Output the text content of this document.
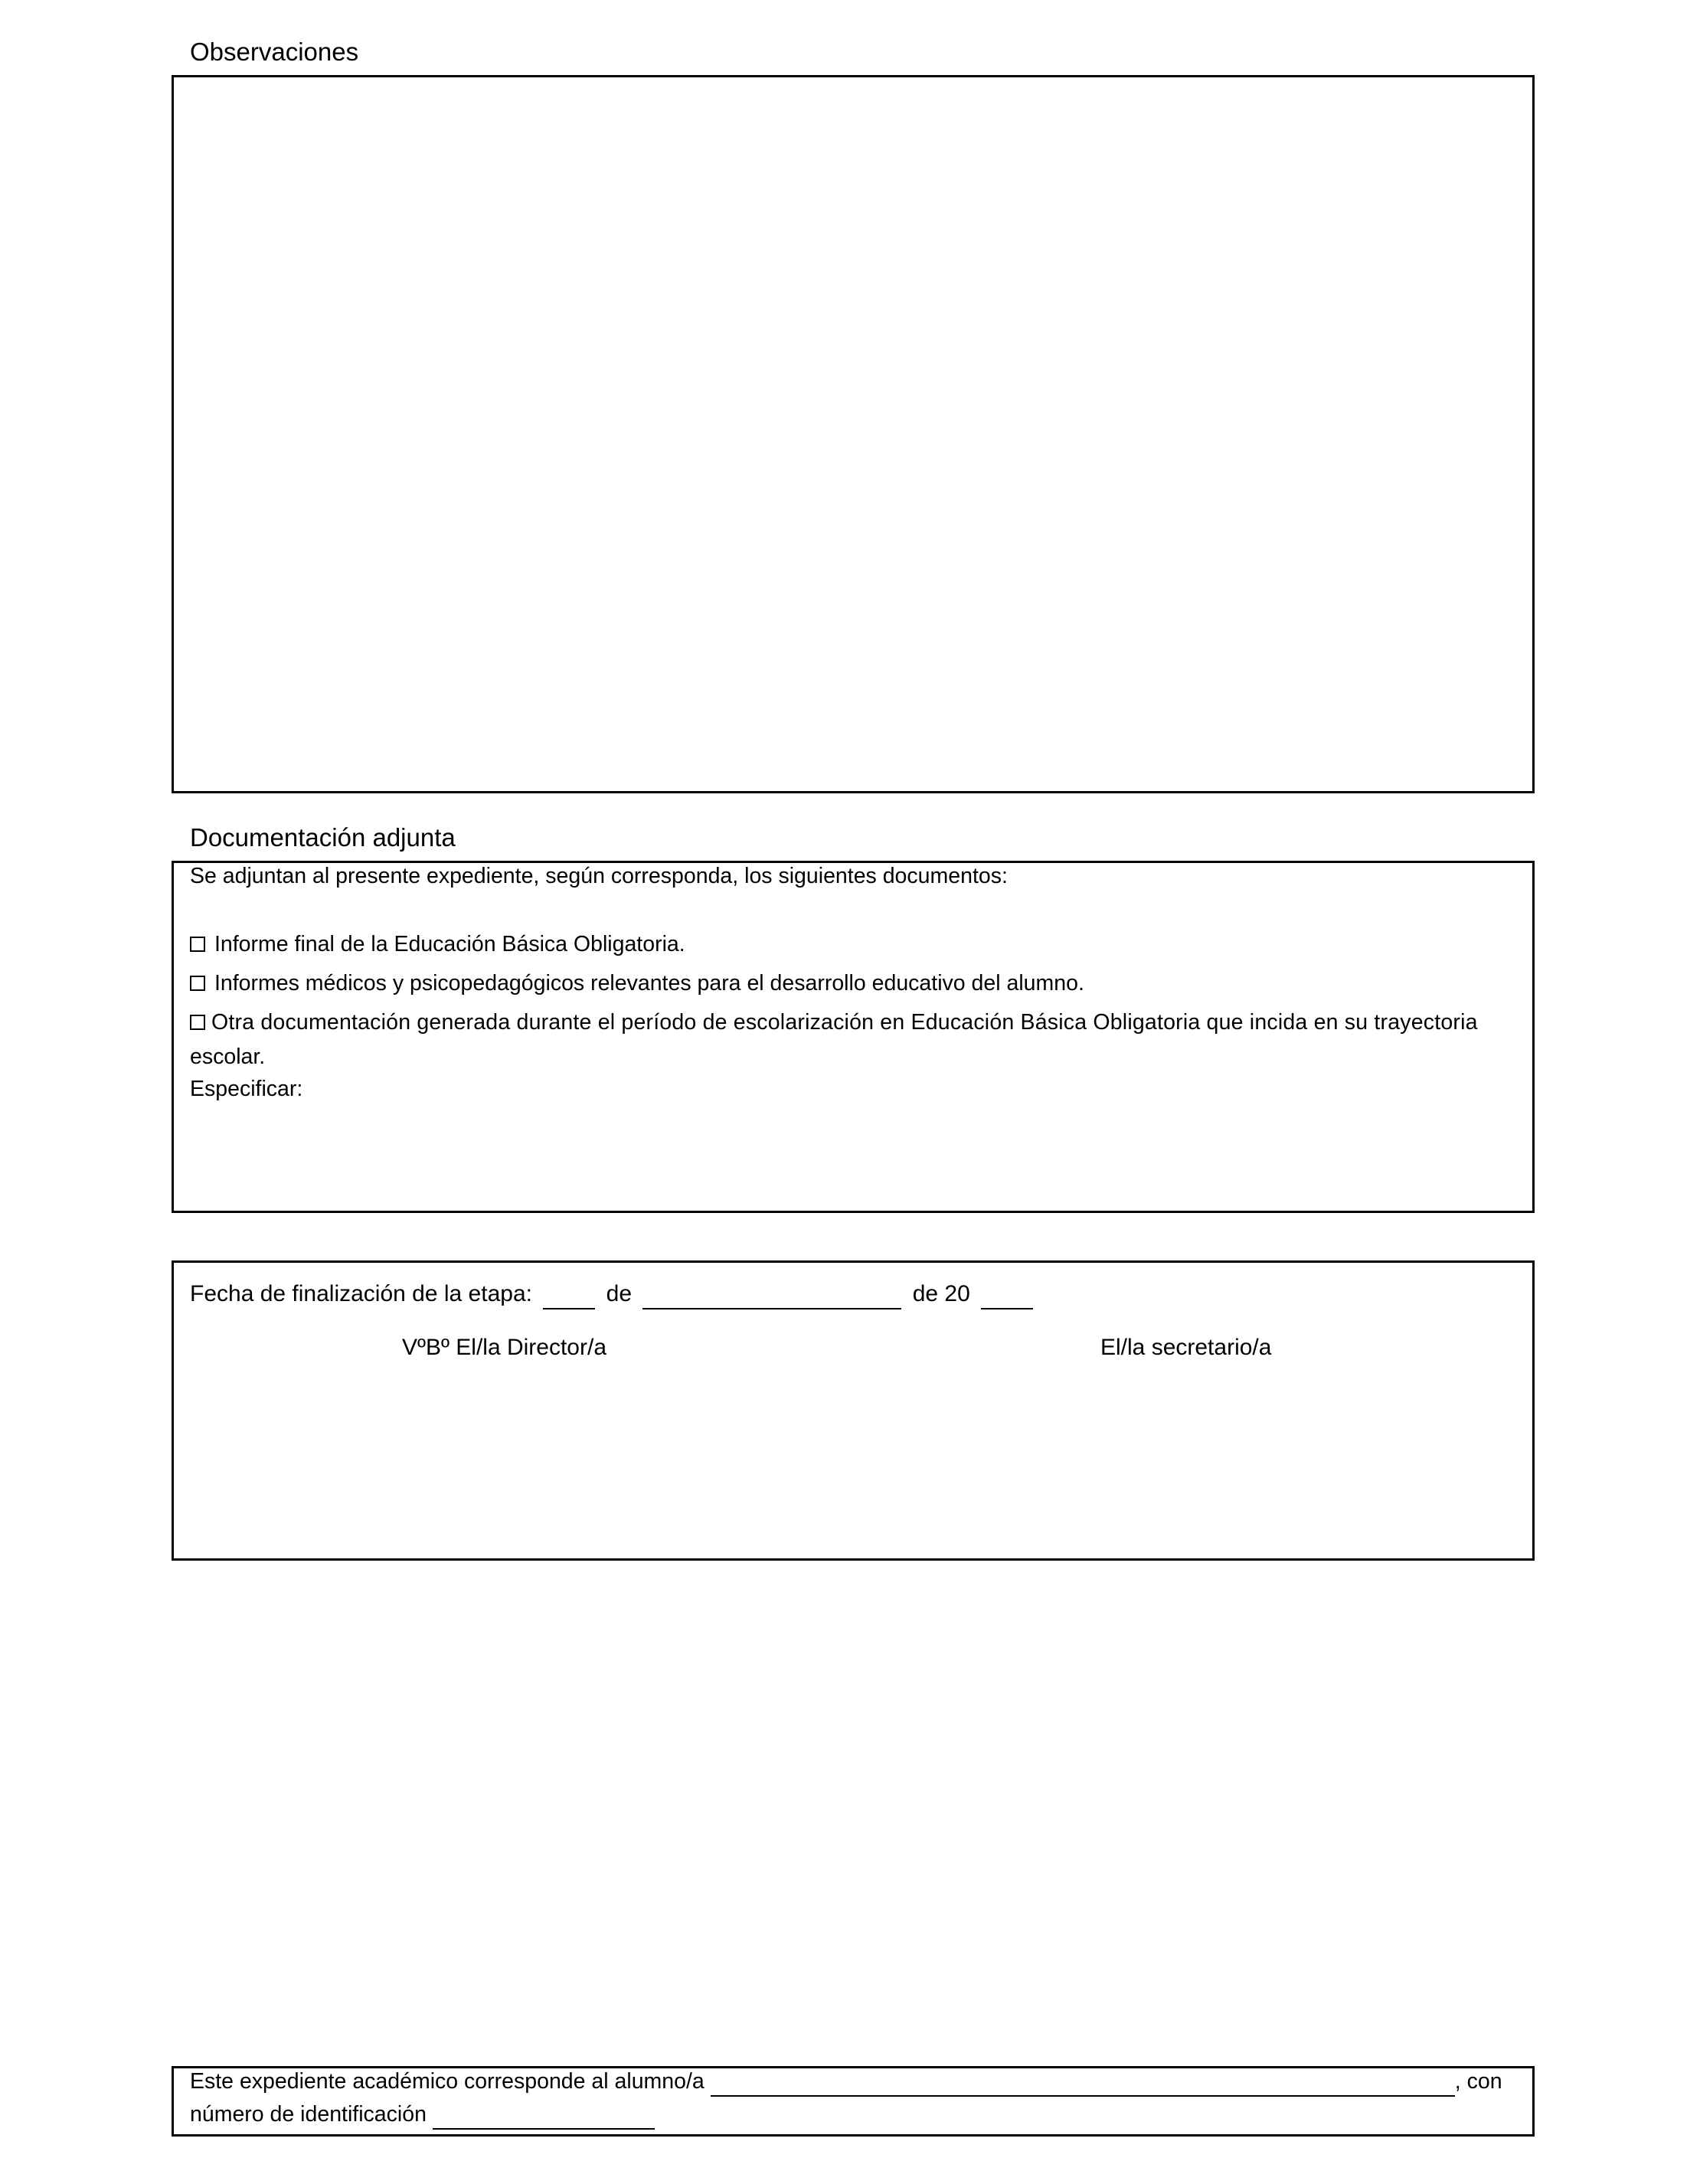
Observaciones
Documentación adjunta
Se adjuntan al presente expediente, según corresponda, los siguientes documentos:
Informe final de la Educación Básica Obligatoria.
Informes médicos y psicopedagógicos relevantes para el desarrollo educativo del alumno.
Otra documentación generada durante el período de escolarización en Educación Básica Obligatoria que incida en su trayectoria
escolar.
Especificar:
Fecha de finalización de la etapa:	de	de 20
VºBº El/la Director/a	El/la secretario/a
Este expediente académico corresponde al alumno/a	, con
número de identificación
